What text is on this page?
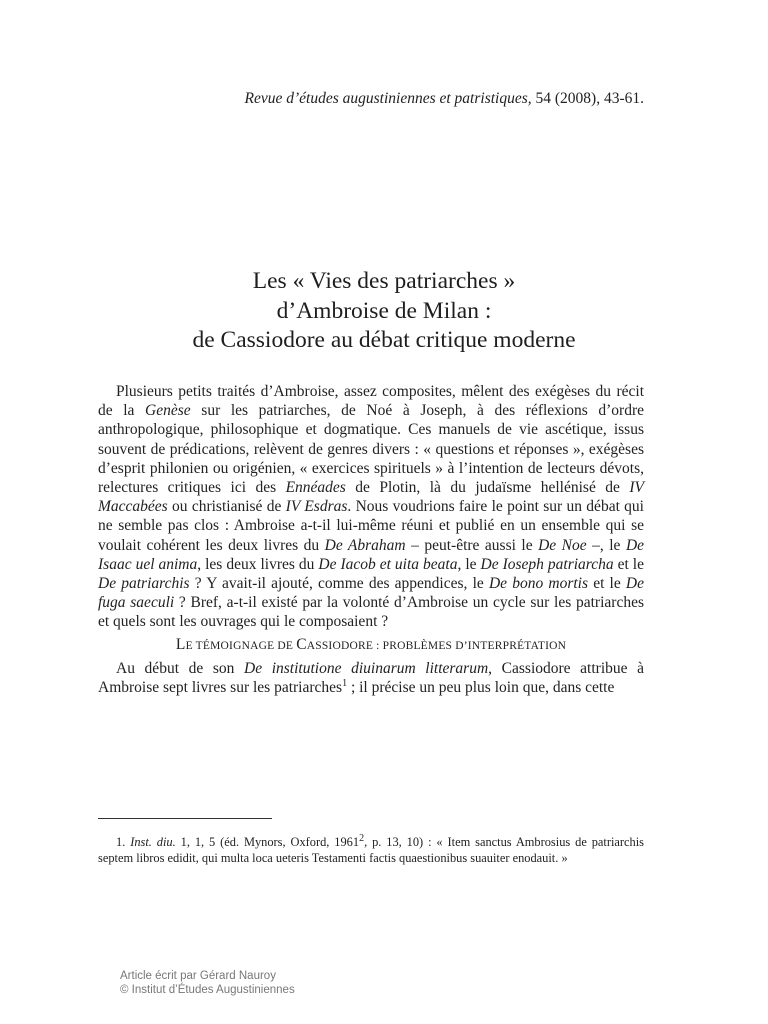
Revue d’études augustiniennes et patristiques, 54 (2008), 43-61.
Les « Vies des patriarches »
d’Ambroise de Milan :
de Cassiodore au débat critique moderne

Plusieurs petits traités d’Ambroise, assez composites, mêlent des exégèses du récit de la Genèse sur les patriarches, de Noé à Joseph, à des réflexions d’ordre anthropologique, philosophique et dogmatique. Ces manuels de vie ascétique, issus souvent de prédications, relèvent de genres divers : « questions et réponses », exégèses d’esprit philonien ou origénien, « exercices spirituels » à l’intention de lecteurs dévots, relectures critiques ici des Ennéades de Plotin, là du judaïsme hellénisé de IV Maccabées ou christianisé de IV Esdras. Nous voudrions faire le point sur un débat qui ne semble pas clos : Ambroise a-t-il lui-même réuni et publié en un ensemble qui se voulait cohérent les deux livres du De Abraham – peut-être aussi le De Noe –, le De Isaac uel anima, les deux livres du De Iacob et uita beata, le De Ioseph patriarcha et le De patriarchis ? Y avait-il ajouté, comme des appendices, le De bono mortis et le De fuga saeculi ? Bref, a-t-il existé par la volonté d’Ambroise un cycle sur les patriarches et quels sont les ouvrages qui le composaient ?

LE TÉMOIGNAGE DE CASSIODORE : PROBLÈMES D’INTERPRÉTATION

Au début de son De institutione diuinarum litterarum, Cassiodore attribue à Ambroise sept livres sur les patriarches$^1$ ; il précise un peu plus loin que, dans cette

1. Inst. diu. 1, 1, 5 (éd. Mynors, Oxford, 1961$^2$, p. 13, 10) : « Item sanctus Ambrosius de patriarchis septem libros edidit, qui multa loca ueteris Testamenti factis quaestionibus suauiter enodauit. »

Article écrit par Gérard Nauroy
© Institut d’Études Augustiniennes
